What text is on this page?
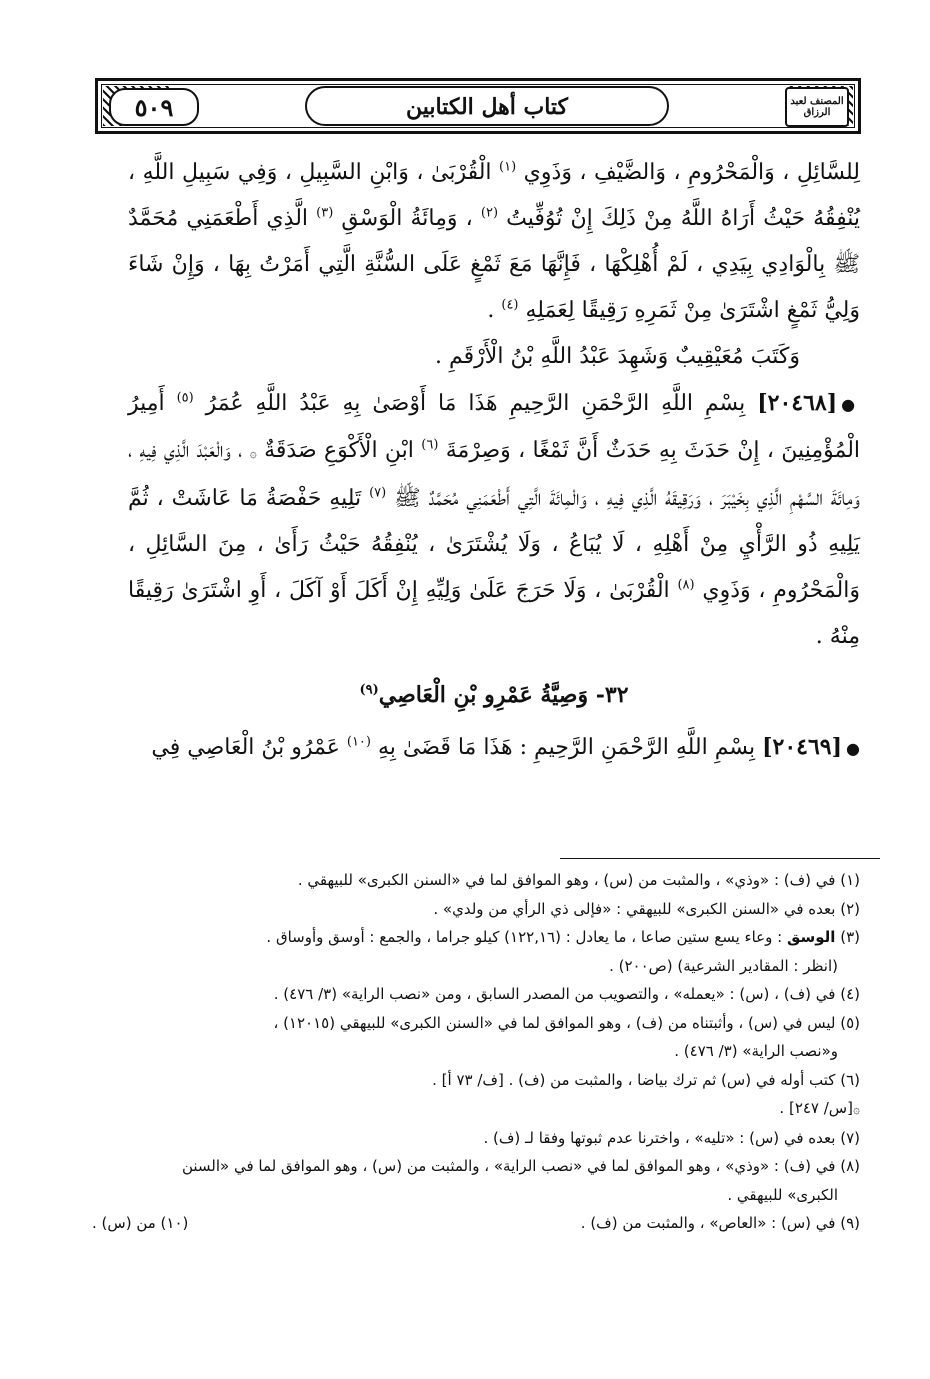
كتاب أهل الكتابين
٥٠٩	المصنف لعبد الرزاق

لِلسَّائِلِ ، وَالْمَحْرُومِ ، وَالضَّيْفِ ، وَذَوِي $^{(١)}$ الْقُرْبَىٰ ، وَابْنِ السَّبِيلِ ، وَفِي سَبِيلِ اللَّهِ ، يُنْفِقُهُ حَيْثُ أَرَاهُ اللَّهُ مِنْ ذَلِكَ إِنْ تُوُفِّيتُ $^{(٢)}$ ، وَمِائَةُ الْوَسْقِ $^{(٣)}$ الَّذِي أَطْعَمَنِي مُحَمَّدٌ ﷺ بِالْوَادِي بِيَدِي ، لَمْ أُهْلِكْهَا ، فَإِنَّهَا مَعَ ثَمْغٍ عَلَى السُّنَّةِ الَّتِي أَمَرْتُ بِهَا ، وَإِنْ شَاءَ وَلِيُّ ثَمْغٍ اشْتَرَىٰ مِنْ ثَمَرِهِ رَقِيقًا لِعَمَلِهِ $^{(٤)}$ .

وَكَتَبَ مُعَيْقِيبٌ وَشَهِدَ عَبْدُ اللَّهِ بْنُ الْأَرْقَمِ .

●[٢٠٤٦٨] بِسْمِ اللَّهِ الرَّحْمَنِ الرَّحِيمِ هَذَا مَا أَوْصَىٰ بِهِ عَبْدُ اللَّهِ عُمَرُ $^{(٥)}$ أَمِيرُ الْمُؤْمِنِينَ ، إِنْ حَدَثَ بِهِ حَدَثٌ أَنَّ ثَمْغًا ، وَصِرْمَةَ $^{(٦)}$ ابْنِ الْأَكْوَعِ صَدَقَةٌ ۞ ، وَالْعَبْدَ الَّذِي فِيهِ ، وَمِائَةَ السَّهْمِ الَّذِي بِخَيْبَرَ ، وَرَقِيقَهُ الَّذِي فِيهِ ، وَالْمِائَةَ الَّتِي أَطْعَمَنِي مُحَمَّدٌ ﷺ $^{(٧)}$ تَلِيهِ حَفْصَةُ مَا عَاشَتْ ، ثُمَّ يَلِيهِ ذُو الرَّأْيِ مِنْ أَهْلِهِ ، لَا يُبَاعُ ، وَلَا يُشْتَرَىٰ ، يُنْفِقُهُ حَيْثُ رَأَىٰ ، مِنَ السَّائِلِ ، وَالْمَحْرُومِ ، وَذَوِي $^{(٨)}$ الْقُرْبَىٰ ، وَلَا حَرَجَ عَلَىٰ وَلِيِّهِ إِنْ أَكَلَ أَوْ آكَلَ ، أَوِ اشْتَرَىٰ رَقِيقًا مِنْهُ .

٣٢- وَصِيَّةُ عَمْرِو بْنِ الْعَاصِي$^{(٩)}$

●[٢٠٤٦٩] بِسْمِ اللَّهِ الرَّحْمَنِ الرَّحِيمِ : هَذَا مَا قَضَىٰ بِهِ $^{(١٠)}$ عَمْرُو بْنُ الْعَاصِي فِي

(١) في (ف) : «وذي» ، والمثبت من (س) ، وهو الموافق لما في «السنن الكبرى» للبيهقي .

(٢) بعده في «السنن الكبرى» للبيهقي : «فإلى ذي الرأي من ولدي» .

(٣) الوسق : وعاء يسع ستين صاعا ، ما يعادل : (١٢٢,١٦) كيلو جراما ، والجمع : أوسق وأوساق .
(انظر : المقادير الشرعية) (ص٢٠٠) .

(٤) في (ف) ، (س) : «يعمله» ، والتصويب من المصدر السابق ، ومن «نصب الراية» (٣/ ٤٧٦) .

(٥) ليس في (س) ، وأثبتناه من (ف) ، وهو الموافق لما في «السنن الكبرى» للبيهقي (١٢٠١٥) ،
و«نصب الراية» (٣/ ٤٧٦) .

(٦) كتب أوله في (س) ثم ترك بياضا ، والمثبت من (ف) . [ف/ ٧٣ أ] .

۞[س/ ٢٤٧] .

(٧) بعده في (س) : «تليه» ، واخترنا عدم ثبوتها وفقا لـ (ف) .

(٨) في (ف) : «وذي» ، وهو الموافق لما في «نصب الراية» ، والمثبت من (س) ، وهو الموافق لما في «السنن
الكبرى» للبيهقي .

(٩) في (س) : «العاص» ، والمثبت من (ف) .
(١٠) من (س) .
